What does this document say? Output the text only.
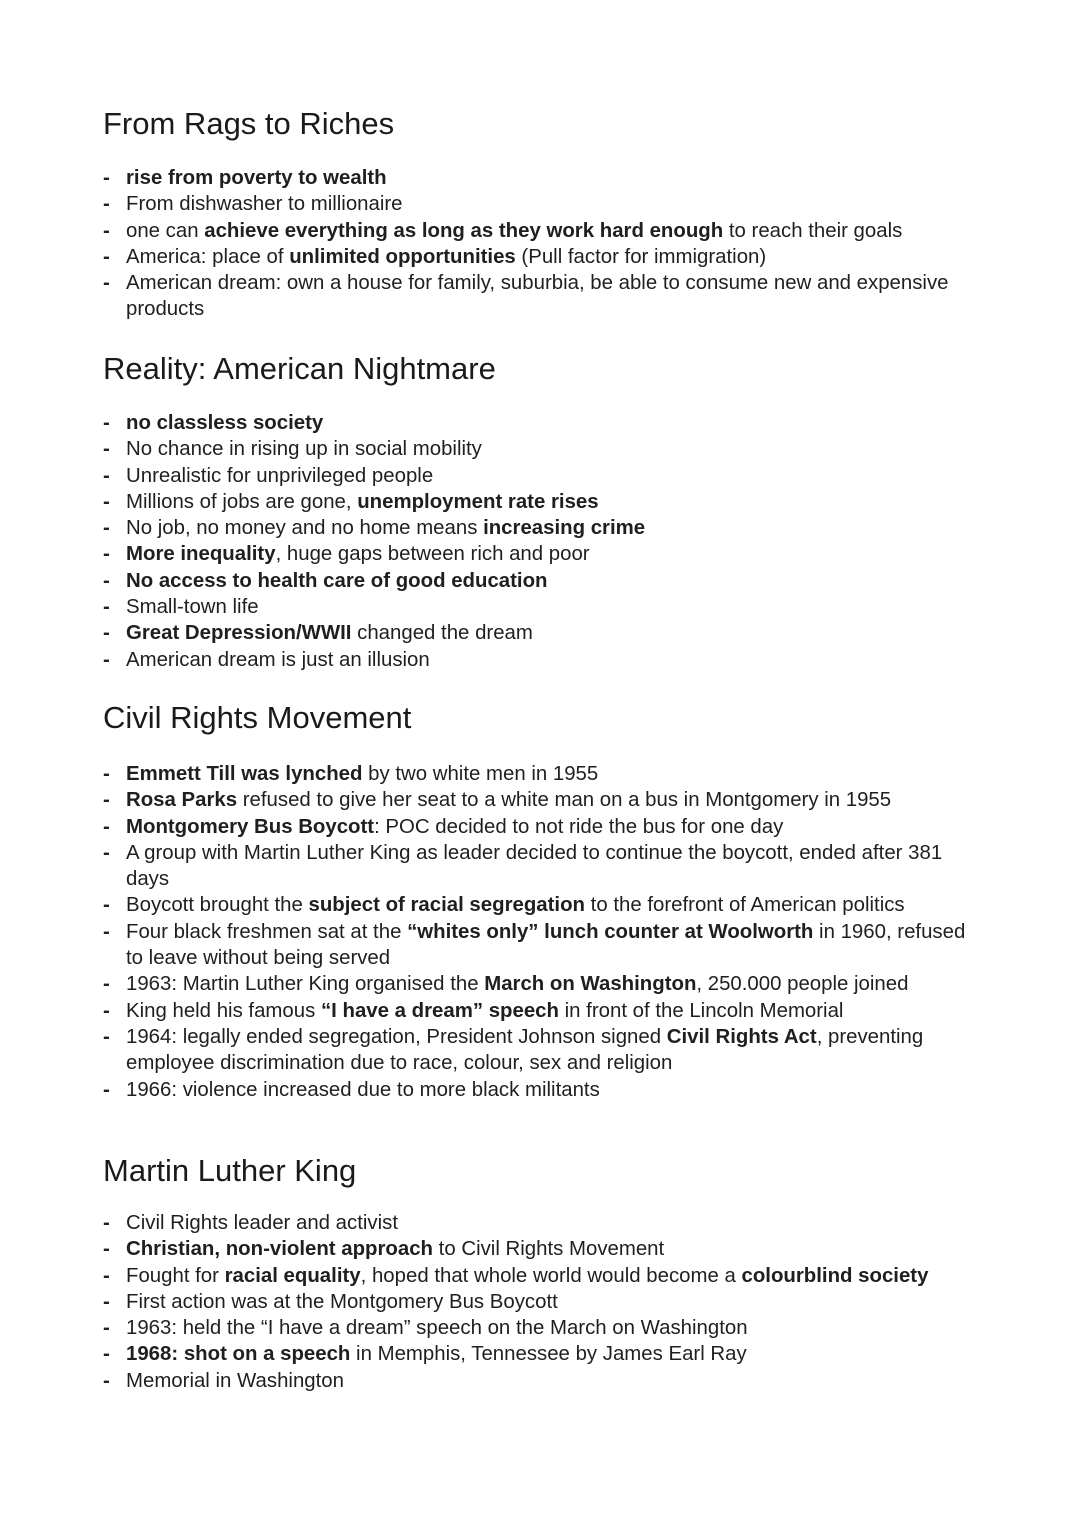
From Rags to Riches
- rise from poverty to wealth
- From dishwasher to millionaire
- one can achieve everything as long as they work hard enough to reach their goals
- America: place of unlimited opportunities (Pull factor for immigration)
- American dream: own a house for family, suburbia, be able to consume new and expensive products
Reality: American Nightmare
- no classless society
- No chance in rising up in social mobility
- Unrealistic for unprivileged people
- Millions of jobs are gone, unemployment rate rises
- No job, no money and no home means increasing crime
- More inequality, huge gaps between rich and poor
- No access to health care of good education
- Small-town life
- Great Depression/WWII changed the dream
- American dream is just an illusion
Civil Rights Movement
- Emmett Till was lynched by two white men in 1955
- Rosa Parks refused to give her seat to a white man on a bus in Montgomery in 1955
- Montgomery Bus Boycott: POC decided to not ride the bus for one day
- A group with Martin Luther King as leader decided to continue the boycott, ended after 381 days
- Boycott brought the subject of racial segregation to the forefront of American politics
- Four black freshmen sat at the “whites only” lunch counter at Woolworth in 1960, refused to leave without being served
- 1963: Martin Luther King organised the March on Washington, 250.000 people joined
- King held his famous “I have a dream” speech in front of the Lincoln Memorial
- 1964: legally ended segregation, President Johnson signed Civil Rights Act, preventing employee discrimination due to race, colour, sex and religion
- 1966: violence increased due to more black militants
Martin Luther King
- Civil Rights leader and activist
- Christian, non-violent approach to Civil Rights Movement
- Fought for racial equality, hoped that whole world would become a colourblind society
- First action was at the Montgomery Bus Boycott
- 1963: held the “I have a dream” speech on the March on Washington
- 1968: shot on a speech in Memphis, Tennessee by James Earl Ray
- Memorial in Washington
